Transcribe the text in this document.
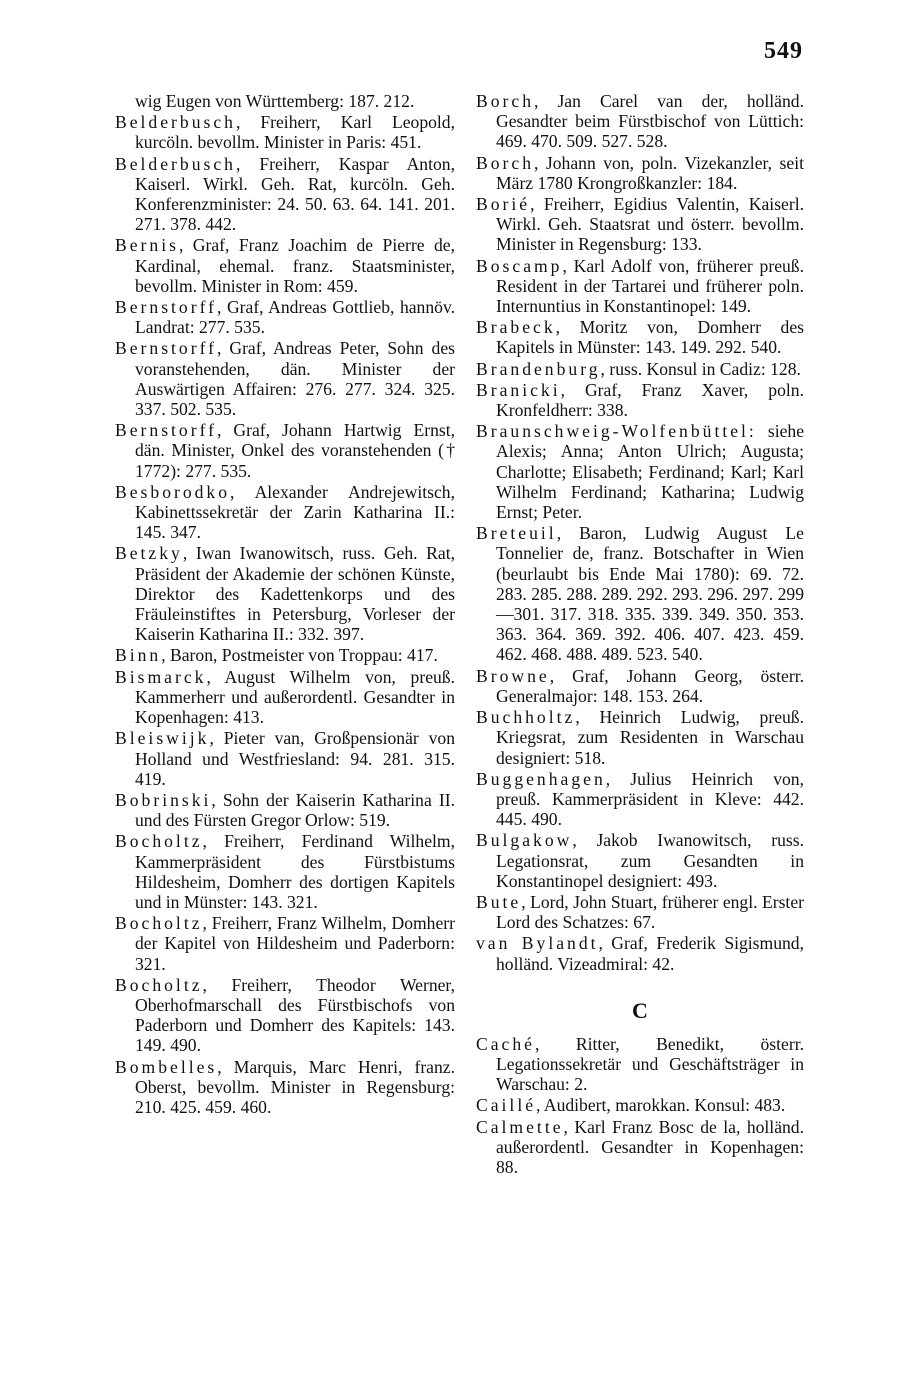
549

wig Eugen von Württemberg: 187. 212.

Belderbusch, Freiherr, Karl Leopold, kurcöln. bevollm. Minister in Paris: 451.

Belderbusch, Freiherr, Kaspar Anton, Kaiserl. Wirkl. Geh. Rat, kurcöln. Geh. Konferenzminister: 24. 50. 63. 64. 141. 201. 271. 378. 442.

Bernis, Graf, Franz Joachim de Pierre de, Kardinal, ehemal. franz. Staatsminister, bevollm. Minister in Rom: 459.

Bernstorff, Graf, Andreas Gottlieb, hannöv. Landrat: 277. 535.

Bernstorff, Graf, Andreas Peter, Sohn des voranstehenden, dän. Minister der Auswärtigen Affairen: 276. 277. 324. 325. 337. 502. 535.

Bernstorff, Graf, Johann Hartwig Ernst, dän. Minister, Onkel des voranstehenden († 1772): 277. 535.

Besborodko, Alexander Andrejewitsch, Kabinettssekretär der Zarin Katharina II.: 145. 347.

Betzky, Iwan Iwanowitsch, russ. Geh. Rat, Präsident der Akademie der schönen Künste, Direktor des Kadettenkorps und des Fräuleinstiftes in Petersburg, Vorleser der Kaiserin Katharina II.: 332. 397.

Binn, Baron, Postmeister von Troppau: 417.

Bismarck, August Wilhelm von, preuß. Kammerherr und außerordentl. Gesandter in Kopenhagen: 413.

Bleiswijk, Pieter van, Großpensionär von Holland und Westfriesland: 94. 281. 315. 419.

Bobrinski, Sohn der Kaiserin Katharina II. und des Fürsten Gregor Orlow: 519.

Bocholtz, Freiherr, Ferdinand Wilhelm, Kammerpräsident des Fürstbistums Hildesheim, Domherr des dortigen Kapitels und in Münster: 143. 321.

Bocholtz, Freiherr, Franz Wilhelm, Domherr der Kapitel von Hildesheim und Paderborn: 321.

Bocholtz, Freiherr, Theodor Werner, Oberhofmarschall des Fürstbischofs von Paderborn und Domherr des Kapitels: 143. 149. 490.

Bombelles, Marquis, Marc Henri, franz. Oberst, bevollm. Minister in Regensburg: 210. 425. 459. 460.

Borch, Jan Carel van der, holländ. Gesandter beim Fürstbischof von Lüttich: 469. 470. 509. 527. 528.

Borch, Johann von, poln. Vizekanzler, seit März 1780 Krongroßkanzler: 184.

Borié, Freiherr, Egidius Valentin, Kaiserl. Wirkl. Geh. Staatsrat und österr. bevollm. Minister in Regensburg: 133.

Boscamp, Karl Adolf von, früherer preuß. Resident in der Tartarei und früherer poln. Internuntius in Konstantinopel: 149.

Brabeck, Moritz von, Domherr des Kapitels in Münster: 143. 149. 292. 540.

Brandenburg, russ. Konsul in Cadiz: 128.

Branicki, Graf, Franz Xaver, poln. Kronfeldherr: 338.

Braunschweig-Wolfenbüttel: siehe Alexis; Anna; Anton Ulrich; Augusta; Charlotte; Elisabeth; Ferdinand; Karl; Karl Wilhelm Ferdinand; Katharina; Ludwig Ernst; Peter.

Breteuil, Baron, Ludwig August Le Tonnelier de, franz. Botschafter in Wien (beurlaubt bis Ende Mai 1780): 69. 72. 283. 285. 288. 289. 292. 293. 296. 297. 299—301. 317. 318. 335. 339. 349. 350. 353. 363. 364. 369. 392. 406. 407. 423. 459. 462. 468. 488. 489. 523. 540.

Browne, Graf, Johann Georg, österr. Generalmajor: 148. 153. 264.

Buchholtz, Heinrich Ludwig, preuß. Kriegsrat, zum Residenten in Warschau designiert: 518.

Buggenhagen, Julius Heinrich von, preuß. Kammerpräsident in Kleve: 442. 445. 490.

Bulgakow, Jakob Iwanowitsch, russ. Legationsrat, zum Gesandten in Konstantinopel designiert: 493.

Bute, Lord, John Stuart, früherer engl. Erster Lord des Schatzes: 67.

van Bylandt, Graf, Frederik Sigismund, holländ. Vizeadmiral: 42.

C

Caché, Ritter, Benedikt, österr. Legationssekretär und Geschäftsträger in Warschau: 2.

Caillé, Audibert, marokkan. Konsul: 483.

Calmette, Karl Franz Bosc de la, holländ. außerordentl. Gesandter in Kopenhagen: 88.
